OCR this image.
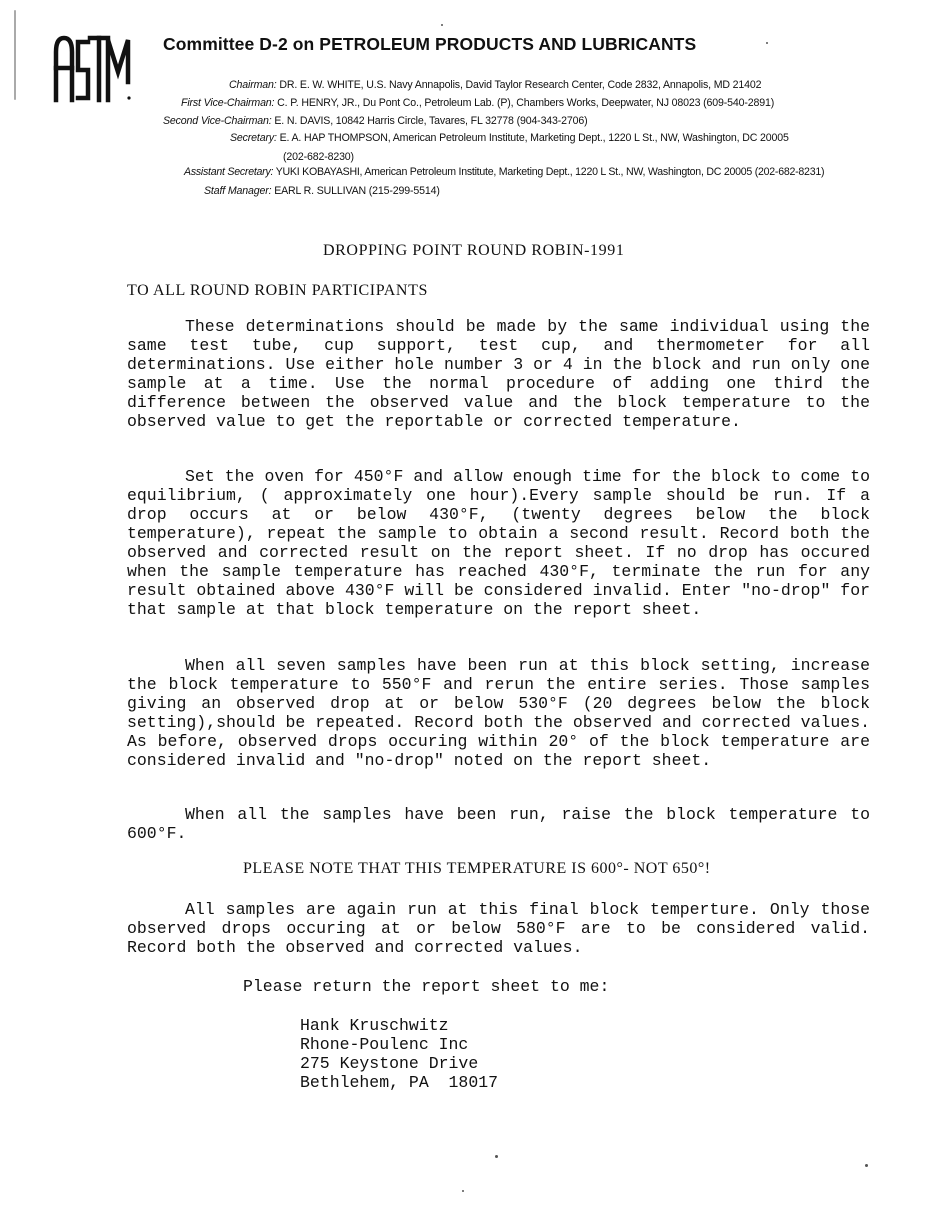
Committee D-2 on PETROLEUM PRODUCTS AND LUBRICANTS
Chairman: DR. E. W. WHITE, U.S. Navy Annapolis, David Taylor Research Center, Code 2832, Annapolis, MD 21402
First Vice-Chairman: C. P. HENRY, JR., Du Pont Co., Petroleum Lab. (P), Chambers Works, Deepwater, NJ 08023 (609-540-2891)
Second Vice-Chairman: E. N. DAVIS, 10842 Harris Circle, Tavares, FL 32778 (904-343-2706)
Secretary: E. A. HAP THOMPSON, American Petroleum Institute, Marketing Dept., 1220 L St., NW, Washington, DC 20005
(202-682-8230)
Assistant Secretary: YUKI KOBAYASHI, American Petroleum Institute, Marketing Dept., 1220 L St., NW, Washington, DC 20005 (202-682-8231)
Staff Manager: EARL R. SULLIVAN (215-299-5514)
DROPPING POINT ROUND ROBIN-1991
TO ALL ROUND ROBIN PARTICIPANTS

These determinations should be made by the same individual using the same test tube, cup support, test cup, and thermometer for all determinations. Use either hole number 3 or 4 in the block and run only one sample at a time. Use the normal procedure of adding one third the difference between the observed value and the block temperature to the observed value to get the reportable or corrected temperature.

Set the oven for 450°F and allow enough time for the block to come to equilibrium, ( approximately one hour).Every sample should be run. If a drop occurs at or below 430°F, (twenty degrees below the block temperature), repeat the sample to obtain a second result. Record both the observed and corrected result on the report sheet. If no drop has occured when the sample temperature has reached 430°F, terminate the run for any result obtained above 430°F will be considered invalid. Enter "no-drop" for that sample at that block temperature on the report sheet.

When all seven samples have been run at this block setting, increase the block temperature to 550°F and rerun the entire series. Those samples giving an observed drop at or below 530°F (20 degrees below the block setting),should be repeated. Record both the observed and corrected values. As before, observed drops occuring within 20° of the block temperature are considered invalid and "no-drop" noted on the report sheet.

When all the samples have been run, raise the block temperature to 600°F.

PLEASE NOTE THAT THIS TEMPERATURE IS 600°- NOT 650°!

All samples are again run at this final block temperture. Only those observed drops occuring at or below 580°F are to be considered valid. Record both the observed and corrected values.

Please return the report sheet to me:
Hank Kruschwitz
Rhone-Poulenc Inc
275 Keystone Drive
Bethlehem, PA  18017
